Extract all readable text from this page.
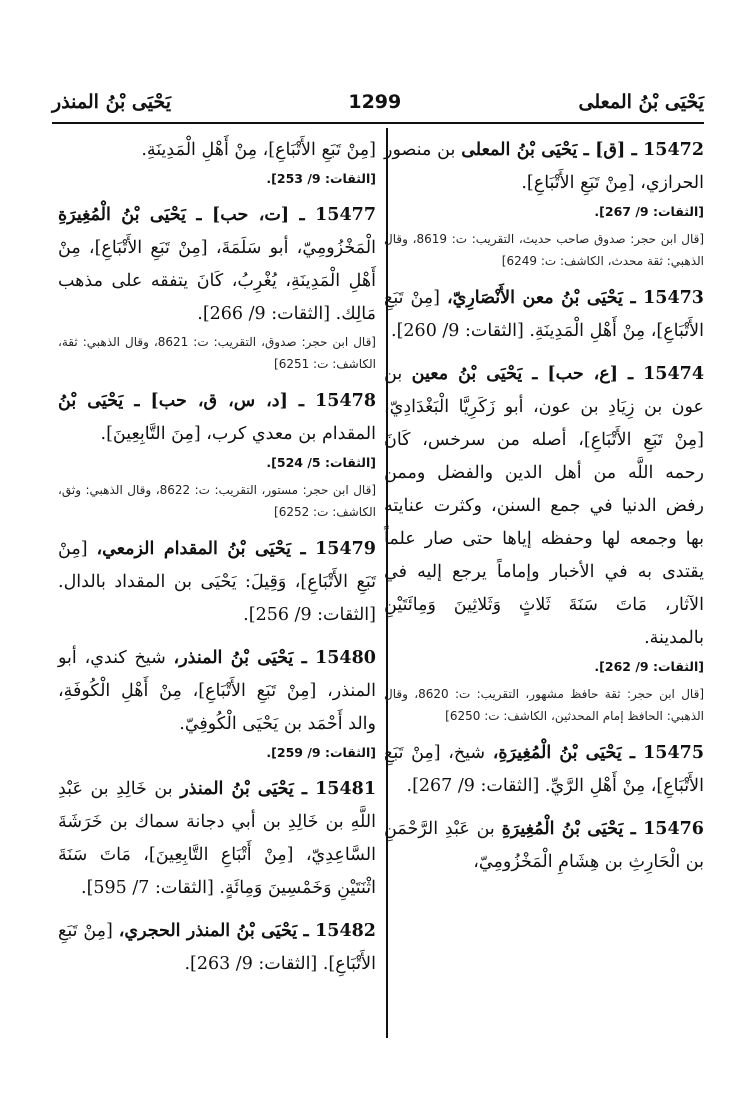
يَحْيَى بْنُ المعلى
1299
يَحْيَى بْنُ المنذر

15472 ـ [ق] ـ يَحْيَى بْنُ المعلى بن منصور الحرازي، [مِنْ تَبَعِ الأَتْبَاعِ].

[الثقات: 9/ 267].
[قال ابن حجر: صدوق صاحب حديث، التقريب: ت: 8619، وقال الذهبي: ثقة محدث، الكاشف: ت: 6249]

15473 ـ يَحْيَى بْنُ معن الأَنْصَارِيّ، [مِنْ تَبَعِ الأَتْبَاعِ]، مِنْ أَهْلِ الْمَدِينَةِ. [الثقات: 9/ 260].

15474 ـ [ع، حب] ـ يَحْيَى بْنُ معين بن عون بن زِيَادِ بن عون، أبو زَكَرِيَّا الْبَغْدَادِيّ، [مِنْ تَبَعِ الأَتْبَاعِ]، أصله من سرخس، كَانَ رحمه اللَّه من أهل الدين والفضل وممن رفض الدنيا في جمع السنن، وكثرت عنايته بها وجمعه لها وحفظه إياها حتى صار علماً يقتدى به في الأخبار وإماماً يرجع إليه في الآثار، مَاتَ سَنَةَ ثَلاثٍ وَثَلاثِينَ وَمِائَتَيْنِ بالمدينة.

[الثقات: 9/ 262].
[قال ابن حجر: ثقة حافظ مشهور، التقريب: ت: 8620، وقال الذهبي: الحافظ إمام المحدثين، الكاشف: ت: 6250]

15475 ـ يَحْيَى بْنُ الْمُغِيرَةِ، شيخ، [مِنْ تَبَعِ الأَتْبَاعِ]، مِنْ أَهْلِ الرَّيِّ. [الثقات: 9/ 267].

15476 ـ يَحْيَى بْنُ الْمُغِيرَةِ بن عَبْدِ الرَّحْمَنِ بن الْحَارِثِ بن هِشَامِ الْمَخْزُومِيّ،

[مِنْ تَبَعِ الأَتْبَاعِ]، مِنْ أَهْلِ الْمَدِينَةِ.

[الثقات: 9/ 253].

15477 ـ [ت، حب] ـ يَحْيَى بْنُ الْمُغِيرَةِ الْمَخْزُومِيّ، أبو سَلَمَةَ، [مِنْ تَبَعِ الأَتْبَاعِ]، مِنْ أَهْلِ الْمَدِينَةِ، يُغْرِبُ، كَانَ يتفقه على مذهب مَالِك. [الثقات: 9/ 266].

[قال ابن حجر: صدوق، التقريب: ت: 8621، وقال الذهبي: ثقة، الكاشف: ت: 6251]

15478 ـ [د، س، ق، حب] ـ يَحْيَى بْنُ المقدام بن معدي كرب، [مِنَ التَّابِعِينَ].

[الثقات: 5/ 524].
[قال ابن حجر: مستور، التقريب: ت: 8622، وقال الذهبي: وثق، الكاشف: ت: 6252]

15479 ـ يَحْيَى بْنُ المقدام الزمعي، [مِنْ تَبَعِ الأَتْبَاعِ]، وَقِيلَ: يَحْيَى بن المقداد بالدال. [الثقات: 9/ 256].

15480 ـ يَحْيَى بْنُ المنذر، شيخ كندي، أبو المنذر، [مِنْ تَبَعِ الأَتْبَاعِ]، مِنْ أَهْلِ الْكُوفَةِ، والد أَحْمَد بن يَحْيَى الْكُوفِيّ.

[الثقات: 9/ 259].

15481 ـ يَحْيَى بْنُ المنذر بن خَالِدِ بن عَبْدِ اللَّهِ بن خَالِدِ بن أبي دجانة سماك بن خَرَشَةَ السَّاعِدِيّ، [مِنْ أَتْبَاعِ التَّابِعِينَ]، مَاتَ سَنَةَ اثْنَتَيْنِ وَخَمْسِينَ وَمِائَةٍ. [الثقات: 7/ 595].

15482 ـ يَحْيَى بْنُ المنذر الحجري، [مِنْ تَبَعِ الأَتْبَاعِ]. [الثقات: 9/ 263].
